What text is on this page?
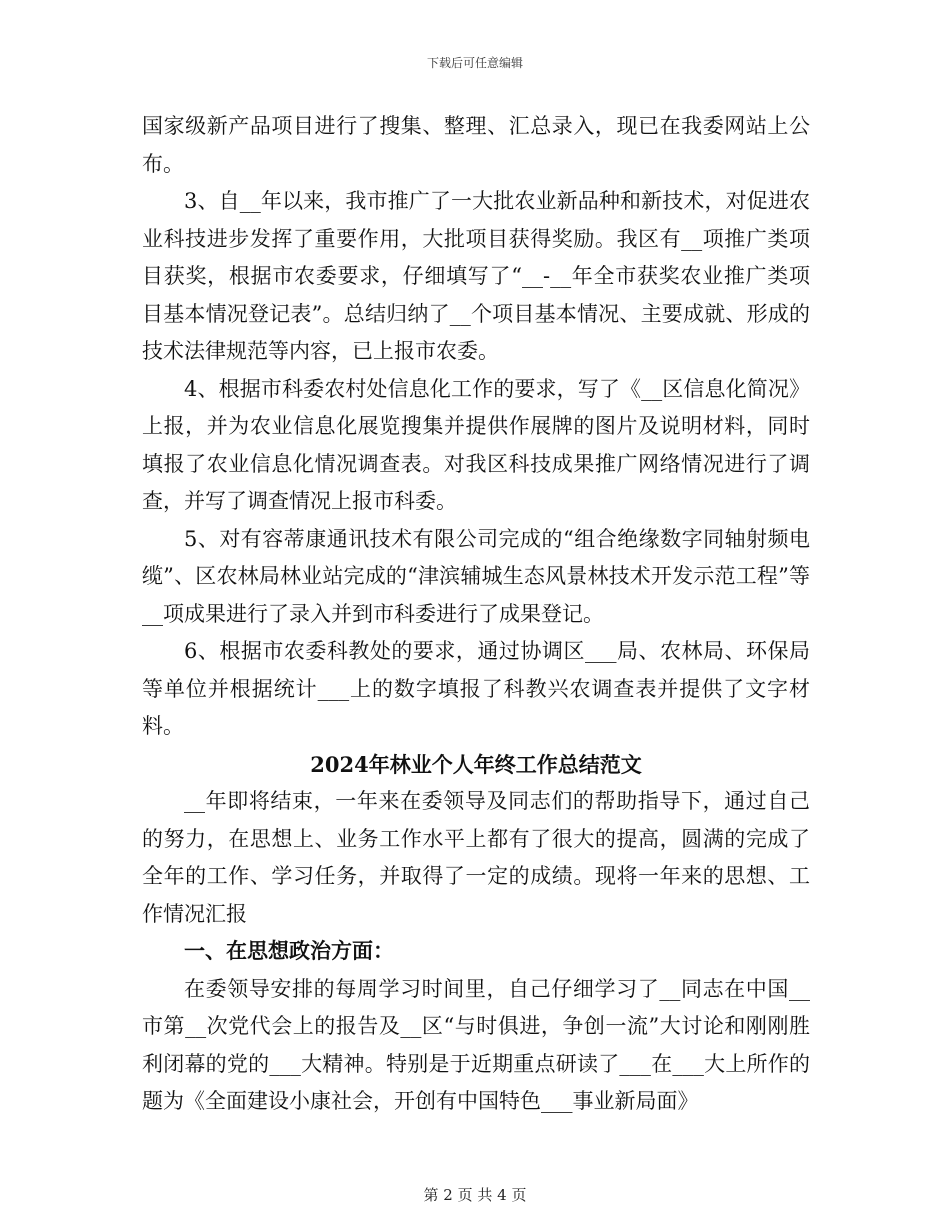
下载后可任意编辑

国家级新产品项目进行了搜集、整理、汇总录入，现已在我委网站上公布。

3、自__年以来，我市推广了一大批农业新品种和新技术，对促进农业科技进步发挥了重要作用，大批项目获得奖励。我区有__项推广类项目获奖，根据市农委要求，仔细填写了“__-__年全市获奖农业推广类项目基本情况登记表”。总结归纳了__个项目基本情况、主要成就、形成的技术法律规范等内容，已上报市农委。

4、根据市科委农村处信息化工作的要求，写了《__区信息化简况》上报，并为农业信息化展览搜集并提供作展牌的图片及说明材料，同时填报了农业信息化情况调查表。对我区科技成果推广网络情况进行了调查，并写了调查情况上报市科委。

5、对有容蒂康通讯技术有限公司完成的“组合绝缘数字同轴射频电缆”、区农林局林业站完成的“津滨辅城生态风景林技术开发示范工程”等__项成果进行了录入并到市科委进行了成果登记。

6、根据市农委科教处的要求，通过协调区___局、农林局、环保局等单位并根据统计___上的数字填报了科教兴农调查表并提供了文字材料。

2024年林业个人年终工作总结范文

__年即将结束，一年来在委领导及同志们的帮助指导下，通过自己的努力，在思想上、业务工作水平上都有了很大的提高，圆满的完成了全年的工作、学习任务，并取得了一定的成绩。现将一年来的思想、工作情况汇报

一、在思想政治方面：

在委领导安排的每周学习时间里，自己仔细学习了__同志在中国__市第__次党代会上的报告及__区“与时俱进，争创一流”大讨论和刚刚胜利闭幕的党的___大精神。特别是于近期重点研读了___在___大上所作的题为《全面建设小康社会，开创有中国特色___事业新局面》

第 2 页 共 4 页
